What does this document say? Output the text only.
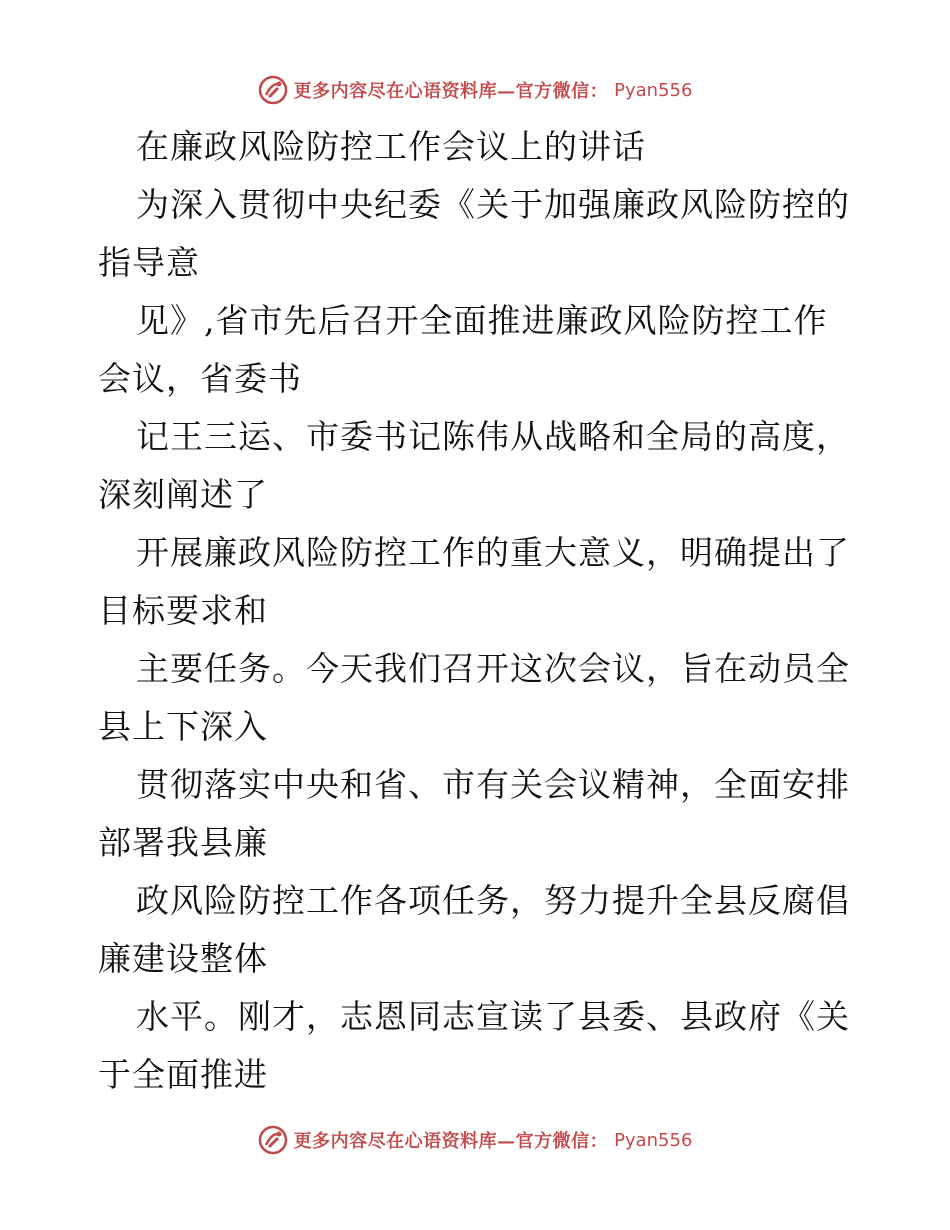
更多内容尽在心语资料库—官方微信： Pyan556
在廉政风险防控工作会议上的讲话
为深入贯彻中央纪委《关于加强廉政风险防控的
指导意
见》,省市先后召开全面推进廉政风险防控工作
会议，省委书
记王三运、市委书记陈伟从战略和全局的高度，
深刻阐述了
开展廉政风险防控工作的重大意义，明确提出了
目标要求和
主要任务。今天我们召开这次会议，旨在动员全
县上下深入
贯彻落实中央和省、市有关会议精神，全面安排
部署我县廉
政风险防控工作各项任务，努力提升全县反腐倡
廉建设整体
水平。刚才，志恩同志宣读了县委、县政府《关
于全面推进
更多内容尽在心语资料库—官方微信： Pyan556
